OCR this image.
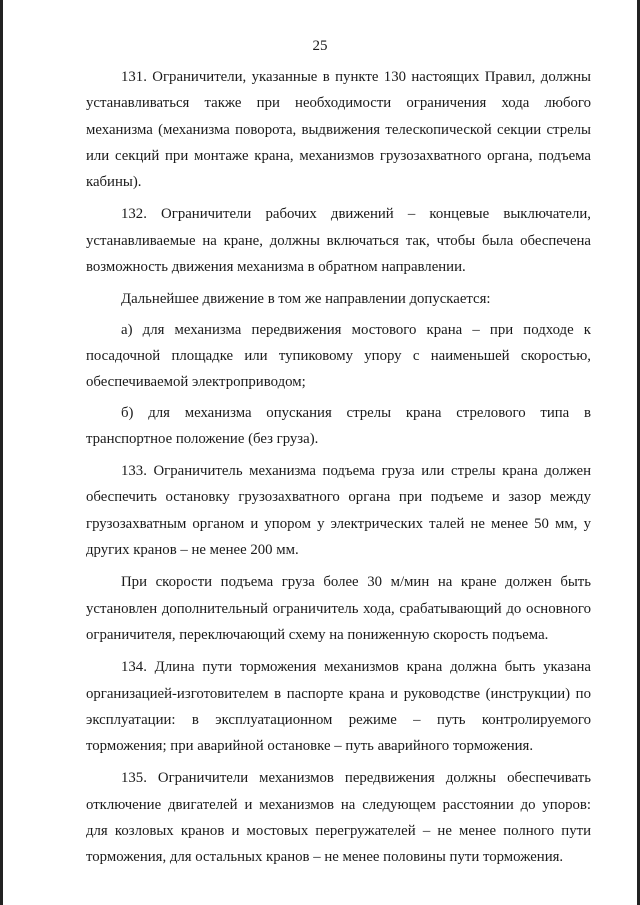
25

131. Ограничители, указанные в пункте 130 настоящих Правил, должны устанавливаться также при необходимости ограничения хода любого механизма (механизма поворота, выдвижения телескопической секции стрелы или секций при монтаже крана, механизмов грузозахватного органа, подъема кабины).

132. Ограничители рабочих движений – концевые выключатели, устанавливаемые на кране, должны включаться так, чтобы была обеспечена возможность движения механизма в обратном направлении.

Дальнейшее движение в том же направлении допускается:

а) для механизма передвижения мостового крана – при подходе к посадочной площадке или тупиковому упору с наименьшей скоростью, обеспечиваемой электроприводом;

б) для механизма опускания стрелы крана стрелового типа в транспортное положение (без груза).

133. Ограничитель механизма подъема груза или стрелы крана должен обеспечить остановку грузозахватного органа при подъеме и зазор между грузозахватным органом и упором у электрических талей не менее 50 мм, у других кранов – не менее 200 мм.

При скорости подъема груза более 30 м/мин на кране должен быть установлен дополнительный ограничитель хода, срабатывающий до основного ограничителя, переключающий схему на пониженную скорость подъема.

134. Длина пути торможения механизмов крана должна быть указана организацией-изготовителем в паспорте крана и руководстве (инструкции) по эксплуатации: в эксплуатационном режиме – путь контролируемого торможения; при аварийной остановке – путь аварийного торможения.

135. Ограничители механизмов передвижения должны обеспечивать отключение двигателей и механизмов на следующем расстоянии до упоров: для козловых кранов и мостовых перегружателей – не менее полного пути торможения, для остальных кранов – не менее половины пути торможения.
